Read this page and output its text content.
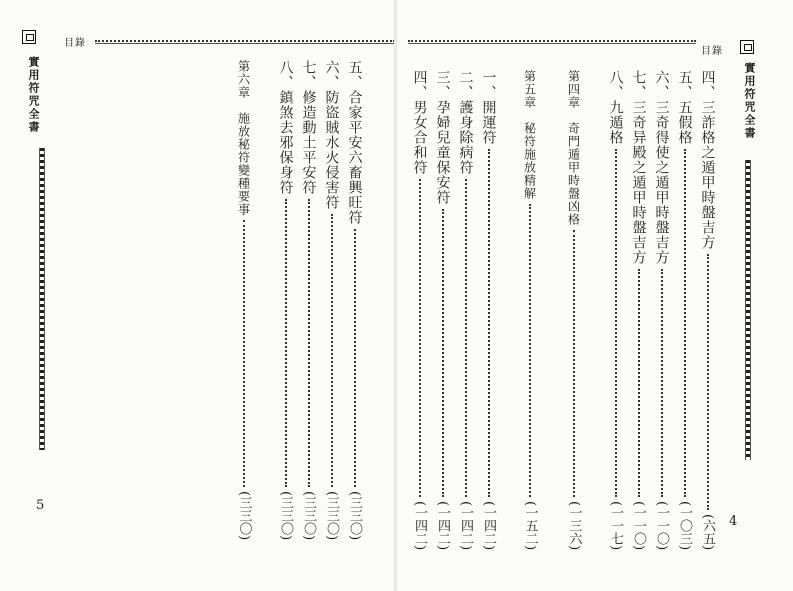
目錄
實用符咒全書
5
五、合家平安六畜興旺符
(三三〇)
六、防盜賊水火侵害符
(三三〇)
七、修造動土平安符
(三三〇)
八、鎮煞去邪保身符
(三三〇)
第六章　施放秘符變種要事
(三三〇)
目錄
實用符咒全書
4
四、三詐格之遁甲時盤吉方
(六五)
五、五假格
(一〇三)
六、三奇得使之遁甲時盤吉方
(一一〇)
七、三奇异殿之遁甲時盤吉方
(一一〇)
八、九遁格
(一一七)
第四章　奇門遁甲時盤凶格
(一三六)
第五章　秘符施放精解
(一五二)
一、開運符
(一四二)
二、護身除病符
(一四二)
三、孕婦兒童保安符
(一四二)
四、男女合和符
(一四二)
